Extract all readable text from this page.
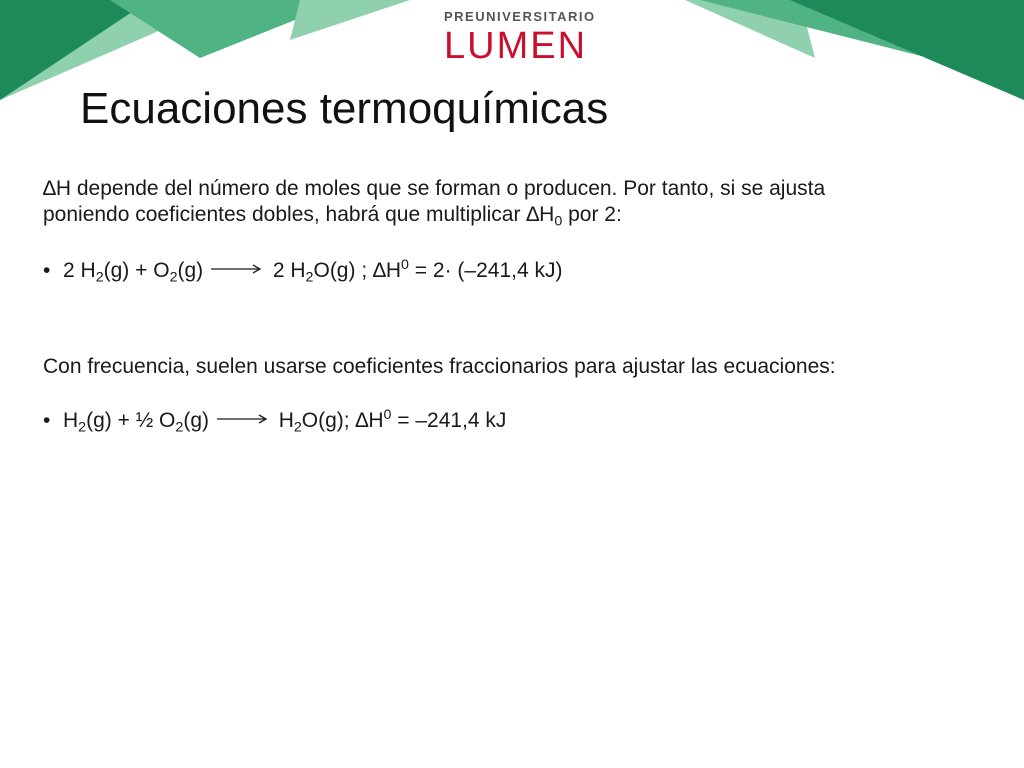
PREUNIVERSITARIO
LUMEN
Ecuaciones termoquímicas

∆H depende del número de moles que se forman o producen. Por tanto, si se ajusta
poniendo coeficientes dobles, habrá que multiplicar $\Delta H_0$ por 2:

• 2 $H_2(g) + O_2(g) \to 2$ $H_2O(g)$ ; $\Delta H^0 = 2\cdot (-241,4$ kJ)
Con frecuencia, suelen usarse coeficientes fraccionarios para ajustar las ecuaciones:
• $H_2(g)$ + ½ $O_2(g) \to H_2O(g)$; $\Delta H^0 = -241,4$ kJ
